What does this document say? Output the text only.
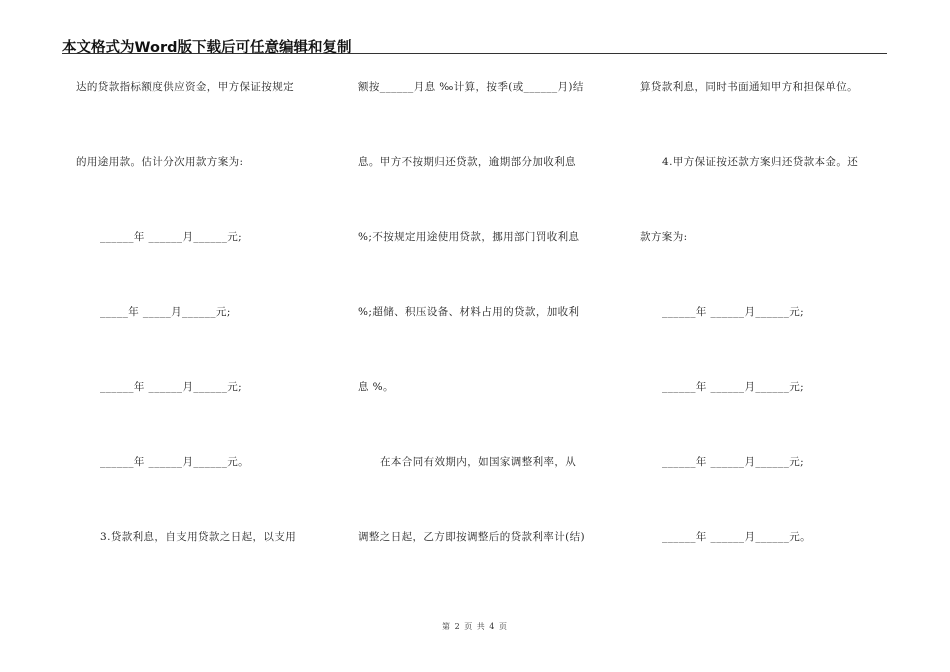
本文格式为Word版下载后可任意编辑和复制
达的贷款指标额度供应资金，甲方保证按规定
的用途用款。估计分次用款方案为:
______年 ______月______元;
_____年 _____月______元;
______年 ______月______元;
______年 ______月______元。
3.贷款利息，自支用贷款之日起，以支用
额按______月息 ‰计算，按季(或______月)结
息。甲方不按期归还贷款，逾期部分加收利息
%;不按规定用途使用贷款，挪用部门罚收利息
%;超储、积压设备、材料占用的贷款，加收利
息 %。
在本合同有效期内，如国家调整利率，从
调整之日起，乙方即按调整后的贷款利率计(结)
算贷款利息，同时书面通知甲方和担保单位。
4.甲方保证按还款方案归还贷款本金。还
款方案为:
______年 ______月______元;
______年 ______月______元;
______年 ______月______元;
______年 ______月______元。
第 2 页 共 4 页
